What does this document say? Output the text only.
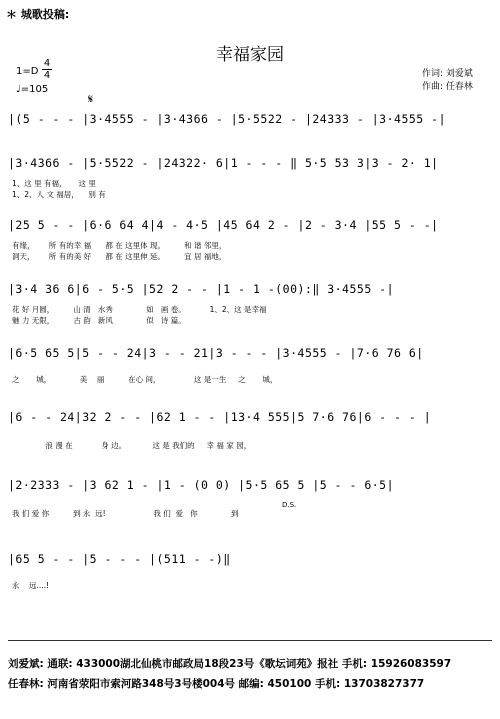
＊ 城歌投稿:
幸福家园
1=D
4
4
♩=105
作词: 刘爱斌
作曲: 任春林
𝄋
|(5 - - - |3·4555 - |3·4366 - |5·5522 - |24333 - |3·4555 -|
|3·4366 - |5·5522 - |24322· 6|1 - - - ‖ 5·5 53 3|3 - 2· 1|
1、这 里 有福，     这 里
1、2、人 文 福居，    别 有
|25 5 - - |6·6 64 4|4 - 4·5 |45 64 2 - |2 - 3·4 |55 5 - -|
有缘，      所 有的幸 福      都 在 这里体 现。        和 谐 邻里，
洞天，      所 有的美 好      都 在 这里伸 延。        宜 居 福地，
|3·4 36 6|6 - 5·5 |52 2 - - |1 - 1 -(00):‖ 3·4555 -|
花 好 月圆，        山 清   水秀              如   画 卷。          1、2、这 是幸福
魅 力 无限，        古 韵   新风              似   诗 篇。
|6·5 65 5|5 - - 24|3 - - 21|3 - - - |3·4555 - |7·6 76 6|
之       城，            美    丽          在心 间，              这 是一生     之       城，
|6 - - 24|32 2 - - |62 1 - - |13·4 555|5 7·6 76|6 - - - |
浪 漫 在            身 边。           这 是 我们的     幸 福 家 园，
|2·2333 - |3 62 1 - |1 - (0 0) |5·5 65 5 |5 - - 6·5|
D.S.
我 们 爱 你          到 永  远!                    我 们  爱   你              到
|65 5 - - |5 - - - |(511 - -)‖
永    远....!
刘爱斌: 通联: 433000湖北仙桃市邮政局18段23号《歌坛词苑》报社 手机: 15926083597
任春林: 河南省荥阳市索河路348号3号楼004号 邮编: 450100 手机: 13703827377
